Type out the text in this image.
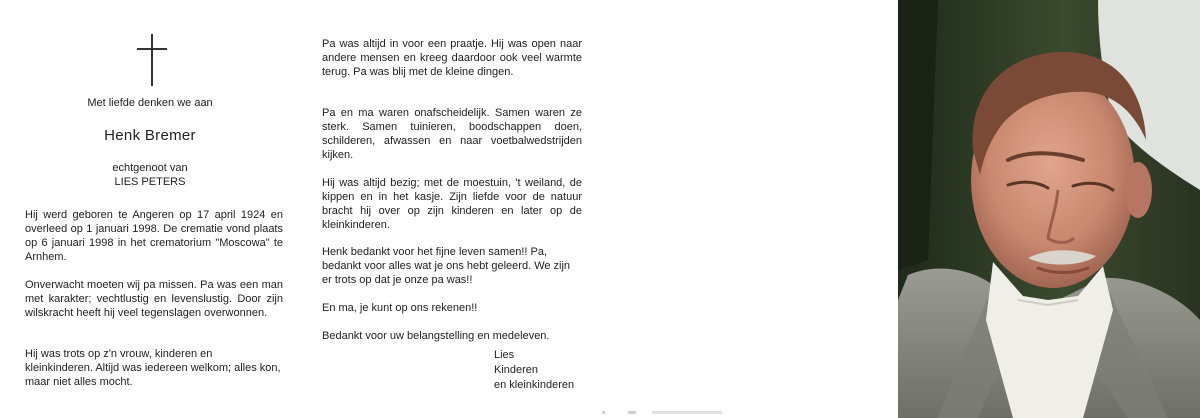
Met liefde denken we aan
Henk Bremer
echtgenoot van
LIES PETERS

Hij werd geboren te Angeren op 17 april 1924 en overleed op 1 januari 1998. De crematie vond plaats op 6 januari 1998 in het crematorium "Moscowa" te Arnhem.

Onverwacht moeten wij pa missen. Pa was een man met karakter; vechtlustig en levenslustig. Door zijn wilskracht heeft hij veel tegenslagen overwonnen.

Hij was trots op z'n vrouw, kinderen en kleinkinderen. Altijd was iedereen welkom; alles kon, maar niet alles mocht.

Pa was altijd in voor een praatje. Hij was open naar andere mensen en kreeg daardoor ook veel warmte terug. Pa was blij met de kleine dingen.

Pa en ma waren onafscheidelijk. Samen waren ze sterk. Samen tuinieren, boodschappen doen, schilderen, afwassen en naar voetbalwedstrijden kijken.

Hij was altijd bezig; met de moestuin, 't weiland, de kippen en in het kasje. Zijn liefde voor de natuur bracht hij over op zijn kinderen en later op de kleinkinderen.

Henk bedankt voor het fijne leven samen!! Pa, bedankt voor alles wat je ons hebt geleerd. We zijn er trots op dat je onze pa was!!

En ma, je kunt op ons rekenen!!

Bedankt voor uw belangstelling en medeleven.

Lies
Kinderen
en kleinkinderen
